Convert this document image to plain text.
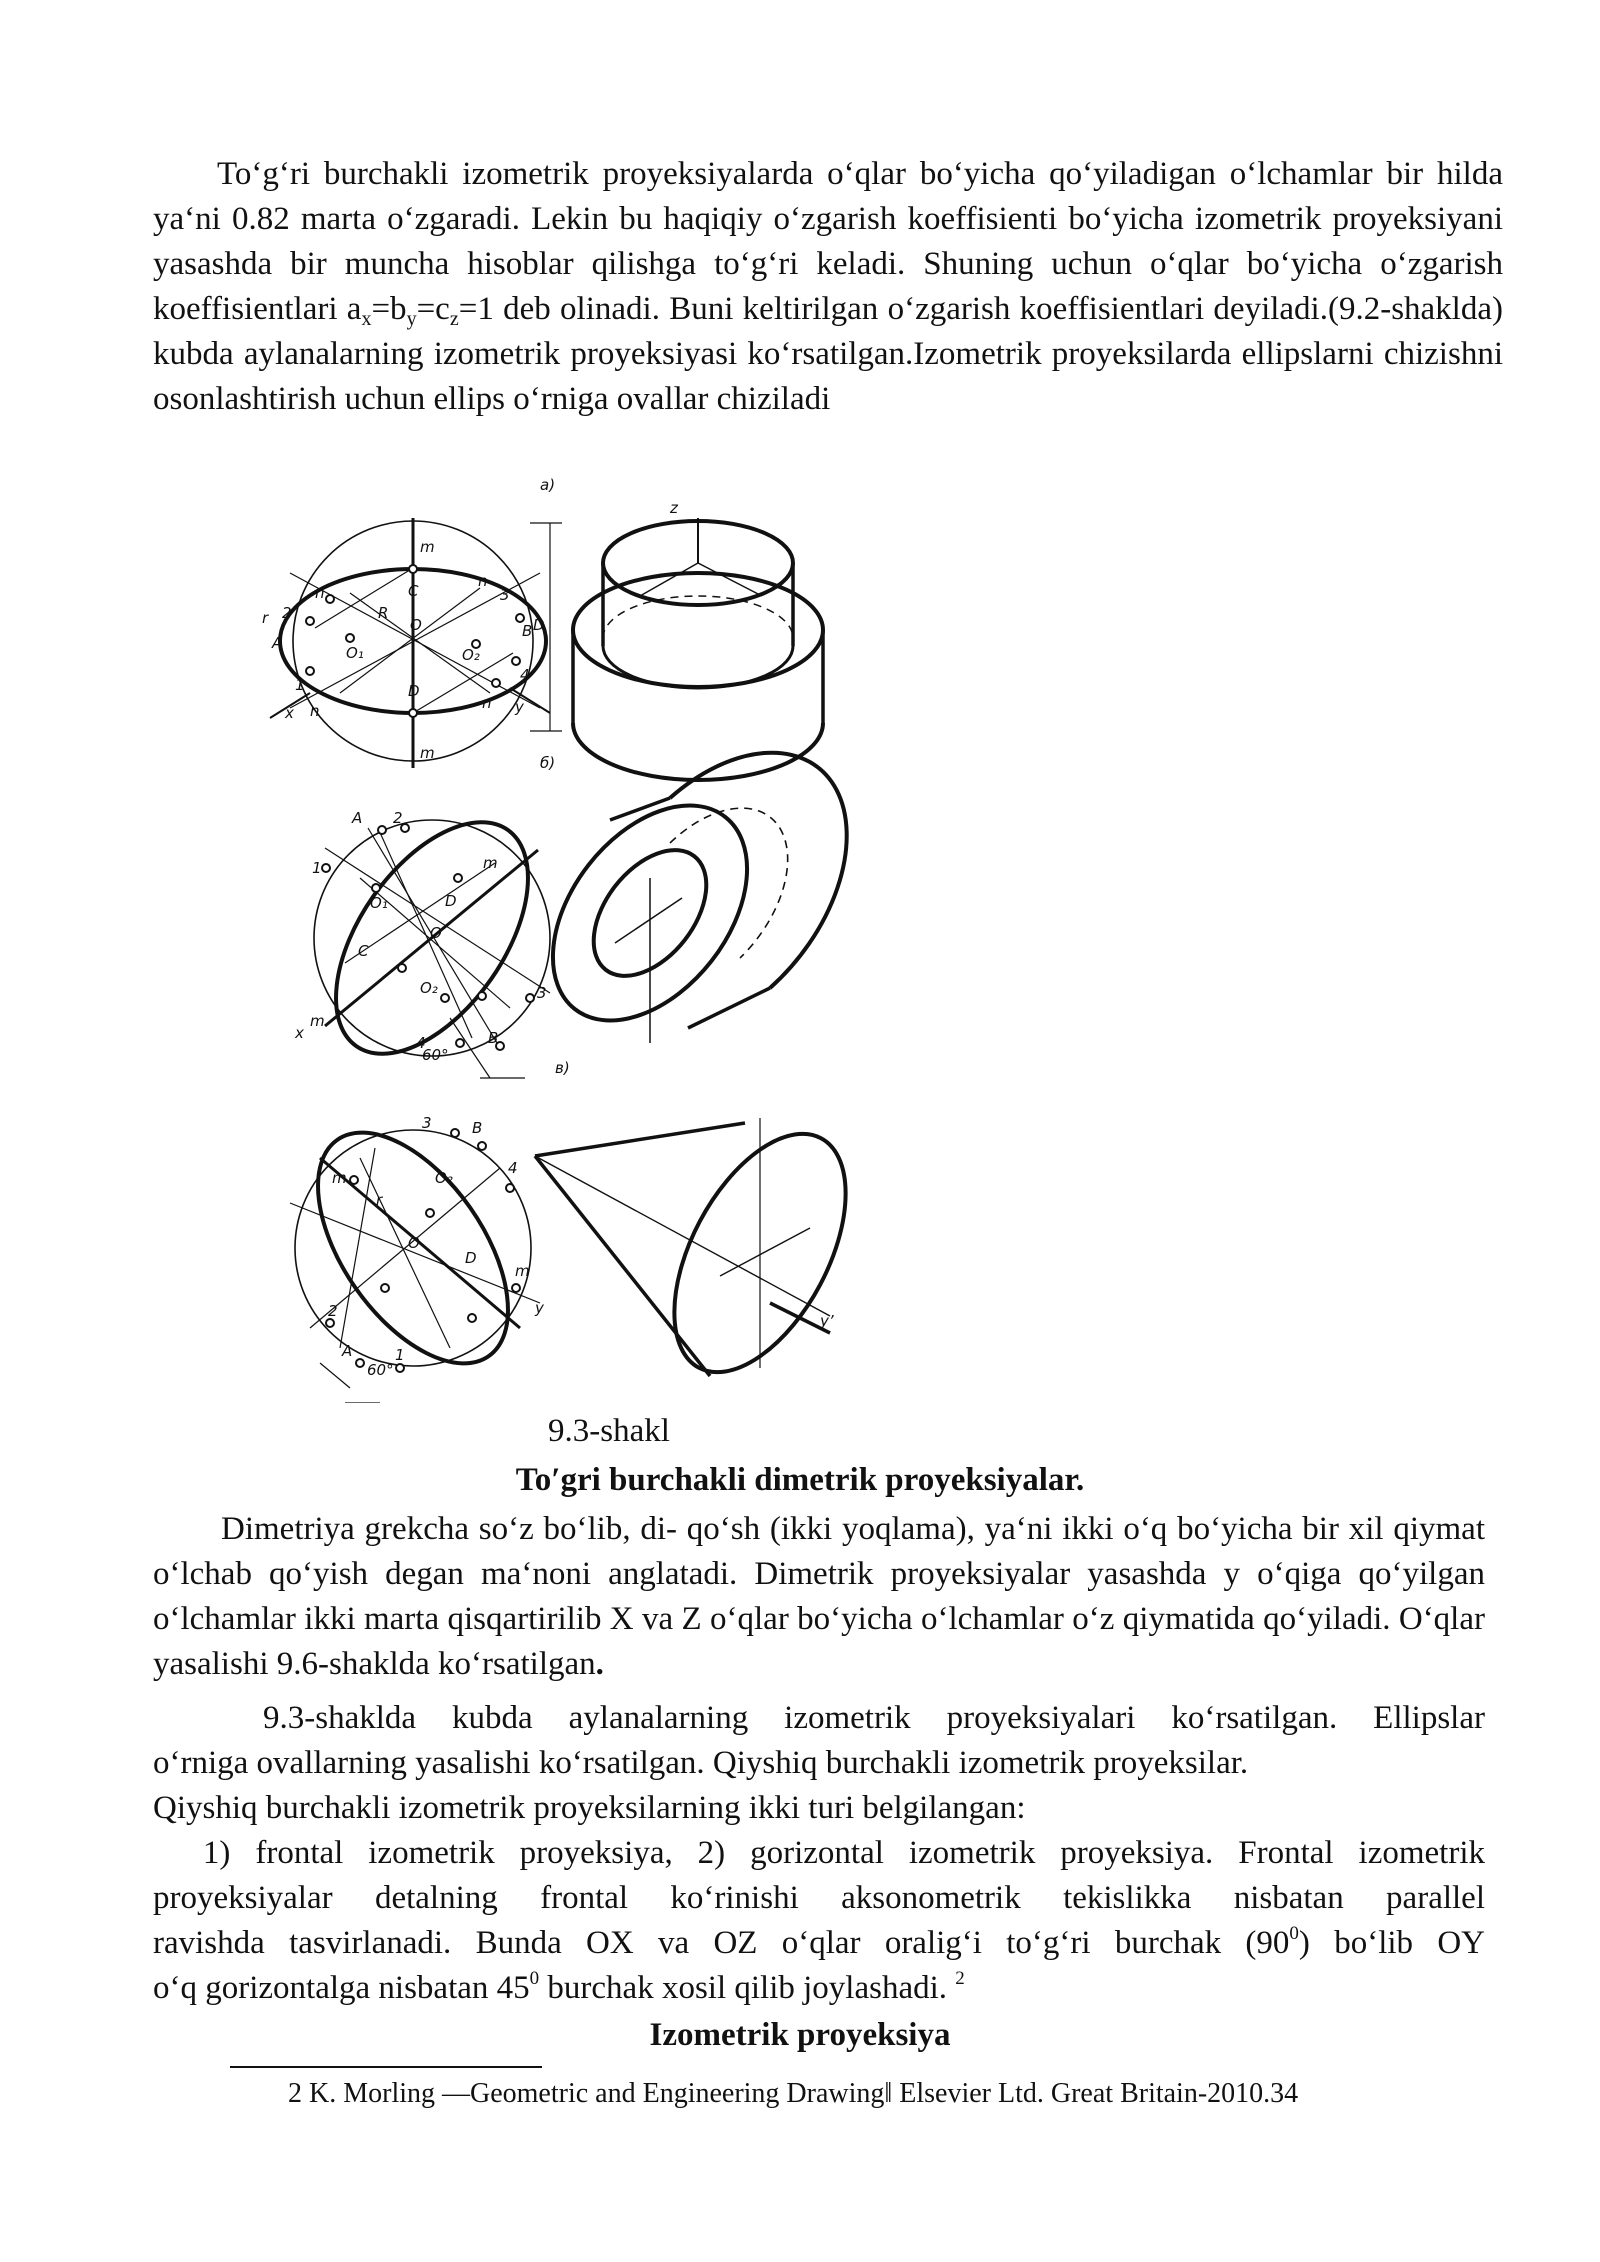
To‘g‘ri burchakli izometrik proyeksiyalarda o‘qlar bo‘yicha qo‘yiladigan o‘lchamlar bir hilda ya‘ni 0.82 marta o‘zgaradi. Lekin bu haqiqiy o‘zgarish koeffisienti bo‘yicha izometrik proyeksiyani yasashda bir muncha hisoblar qilishga to‘g‘ri keladi. Shuning uchun o‘qlar bo‘yicha o‘zgarish koeffisientlari $a_x=b_y=c_z=1$ deb olinadi. Buni keltirilgan o‘zgarish koeffisientlari deyiladi.(9.2-shaklda) kubda aylanalarning izometrik proyeksiyasi ko‘rsatilgan.Izometrik proyeksilarda ellipslarni chizishni osonlashtirish uchun ellips o‘rniga ovallar chiziladi
a)
б)
в)
m
m
n
n
n	n
r 2
3
A
1
4
B
x	y
C
O
R
D
O₁	O₂
D
z
A 2
1	m
m
O₁	D
O
C
O₂	3
x
4	B
60°
3	B
4
m	O₂
r
O
D
m
y
2
A	1
60°
y’
9.3-shakl
To′gri burchakli dimetrik proyeksiyalar.
Dimetriya grekcha so‘z bo‘lib, di- qo‘sh (ikki yoqlama), ya‘ni ikki o‘q bo‘yicha bir xil qiymat o‘lchab qo‘yish degan ma‘noni anglatadi. Dimetrik proyeksiyalar yasashda y o‘qiga qo‘yilgan o‘lchamlar ikki marta qisqartirilib X va Z o‘qlar bo‘yicha o‘lchamlar o‘z qiymatida qo‘yiladi. O‘qlar yasalishi 9.6-shaklda ko‘rsatilgan.
9.3-shaklda kubda aylanalarning izometrik proyeksiyalari ko‘rsatilgan. Ellipslar
o‘rniga ovallarning yasalishi ko‘rsatilgan. Qiyshiq burchakli izometrik proyeksilar.
Qiyshiq burchakli izometrik proyeksilarning ikki turi belgilangan:
1) frontal izometrik proyeksiya, 2) gorizontal izometrik proyeksiya. Frontal izometrik
proyeksiyalar detalning frontal ko‘rinishi aksonometrik tekislikka nisbatan parallel
ravishda tasvirlanadi. Bunda OX va OZ o‘qlar oralig‘i to‘g‘ri burchak $(90^0)$ bo‘lib OY
o‘q gorizontalga nisbatan $45^0$ burchak xosil qilib joylashadi. $^2$
Izometrik proyeksiya
2 K. Morling ―Geometric and Engineering Drawing‖ Elsevier Ltd. Great Britain-2010.34
